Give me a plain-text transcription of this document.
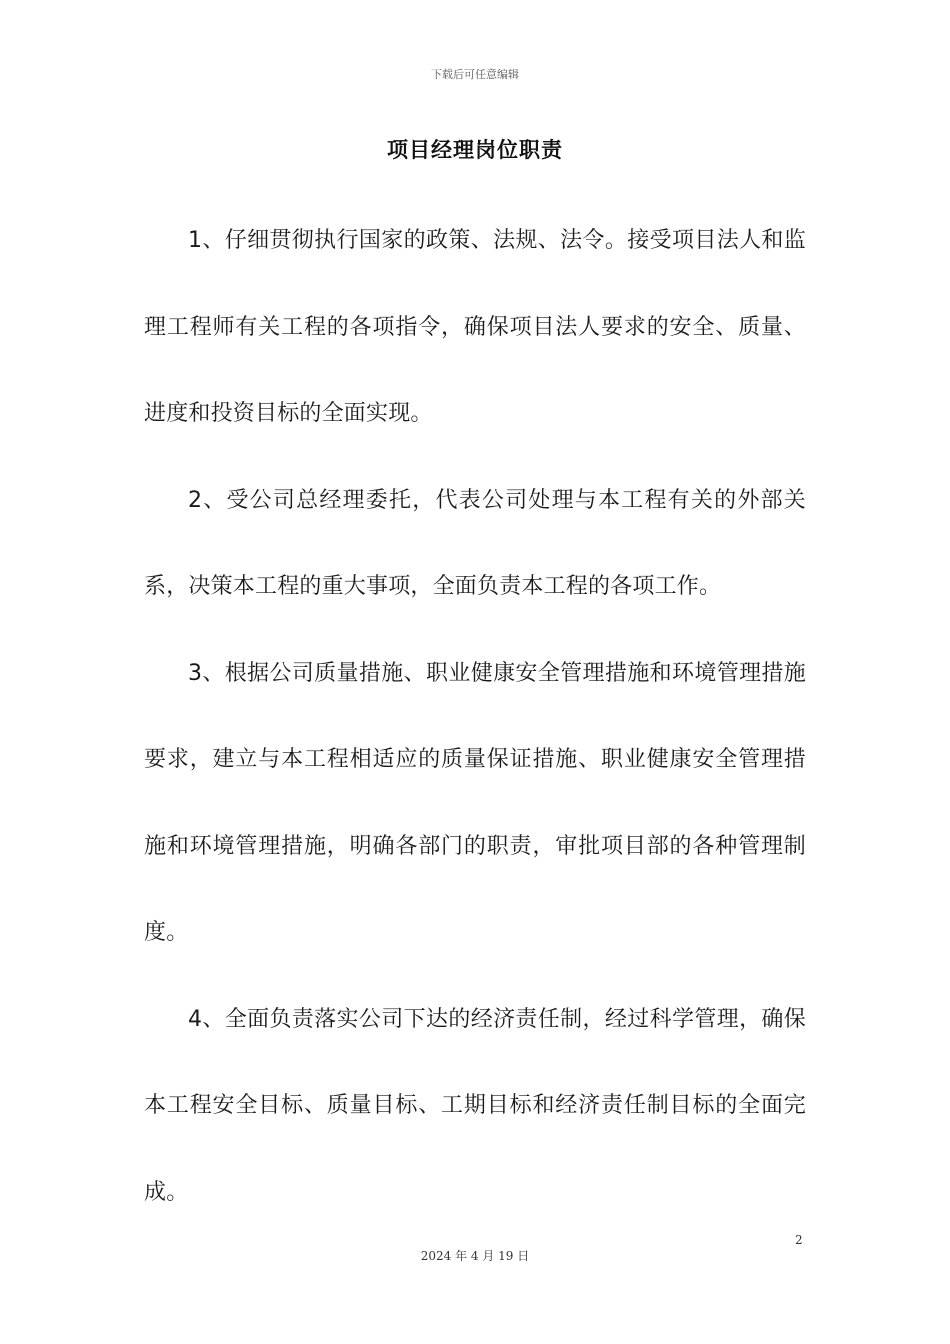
下载后可任意编辑
项目经理岗位职责

1、仔细贯彻执行国家的政策、法规、法令。接受项目法人和监理工程师有关工程的各项指令，确保项目法人要求的安全、质量、进度和投资目标的全面实现。

2、受公司总经理委托，代表公司处理与本工程有关的外部关系，决策本工程的重大事项，全面负责本工程的各项工作。

3、根据公司质量措施、职业健康安全管理措施和环境管理措施要求，建立与本工程相适应的质量保证措施、职业健康安全管理措施和环境管理措施，明确各部门的职责，审批项目部的各种管理制度。

4、全面负责落实公司下达的经济责任制，经过科学管理，确保本工程安全目标、质量目标、工期目标和经济责任制目标的全面完成。

2
2024 年 4 月 19 日
